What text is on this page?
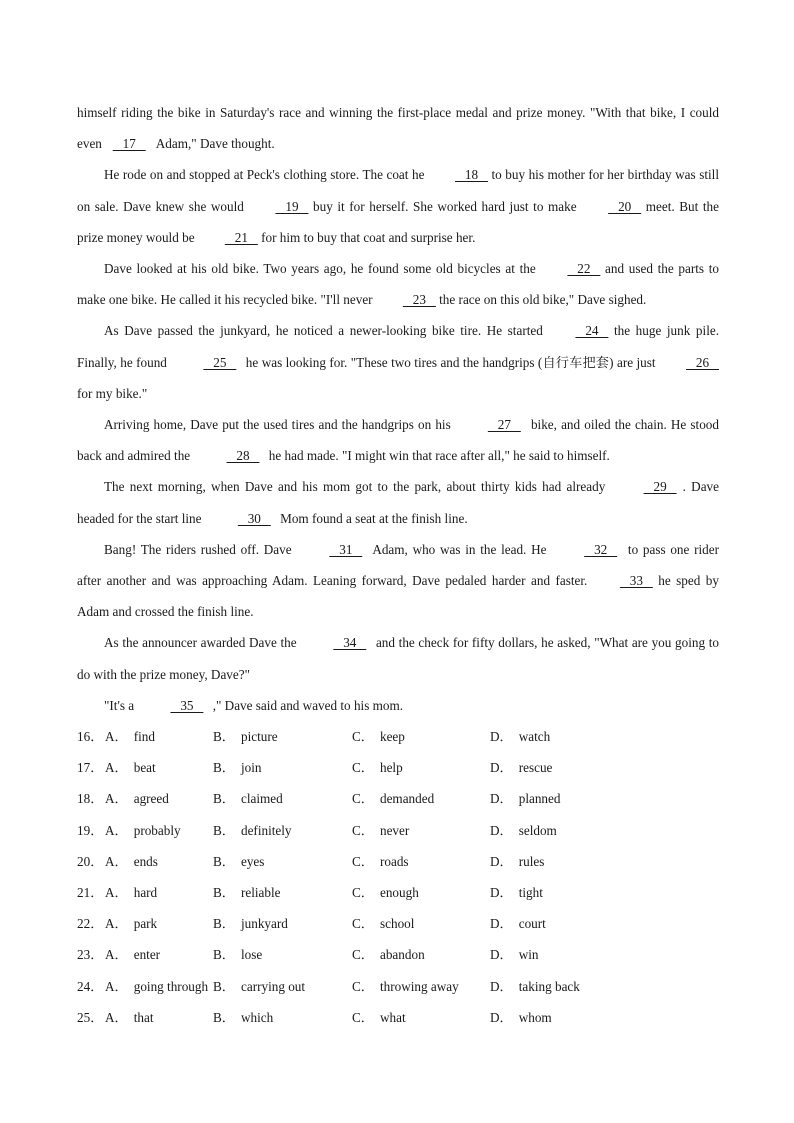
himself riding the bike in Saturday's race and winning the first-place medal and prize money. "With that bike, I could even    17    Adam," Dave thought.

He rode on and stopped at Peck's clothing store. The coat he    18    to buy his mother for her birthday was still on sale. Dave knew she would    19    buy it for herself. She worked hard just to make    20    meet. But the prize money would be    21    for him to buy that coat and surprise her.

Dave looked at his old bike. Two years ago, he found some old bicycles at the    22    and used the parts to make one bike. He called it his recycled bike. "I'll never    23    the race on this old bike," Dave sighed.

As Dave passed the junkyard, he noticed a newer-looking bike tire. He started    24    the huge junk pile. Finally, he found	25    he was looking for. "These two tires and the handgrips (自行车把套) are just    26    for my bike."

Arriving home, Dave put the used tires and the handgrips on his	27    bike, and oiled the chain. He stood back and admired the	28    he had made. "I might win that race after all," he said to himself.

The next morning, when Dave and his mom got to the park, about thirty kids had already	29   . Dave headed for the start line	30    Mom found a seat at the finish line.

Bang! The riders rushed off. Dave	31    Adam, who was in the lead. He	32    to pass one rider after another and was approaching Adam. Leaning forward, Dave pedaled harder and faster.    33    he sped by Adam and crossed the finish line.

As the announcer awarded Dave the	34    and the check for fifty dollars, he asked, "What are you going to do with the prize money, Dave?"

"It's a	35    ," Dave said and waved to his mom.

16． A． find	B． picture	C． keep	D． watch
17． A． beat	B． join	C． help	D． rescue
18． A． agreed	B． claimed	C． demanded	D． planned
19． A． probably	B． definitely	C． never	D． seldom
20． A． ends	B． eyes	C． roads	D． rules
21． A． hard	B． reliable	C． enough	D． tight
22． A． park	B． junkyard	C． school	D． court
23． A． enter	B． lose	C． abandon	D． win
24． A． going through B． carrying out	C． throwing away	D． taking back
25． A． that	B． which	C． what	D． whom
